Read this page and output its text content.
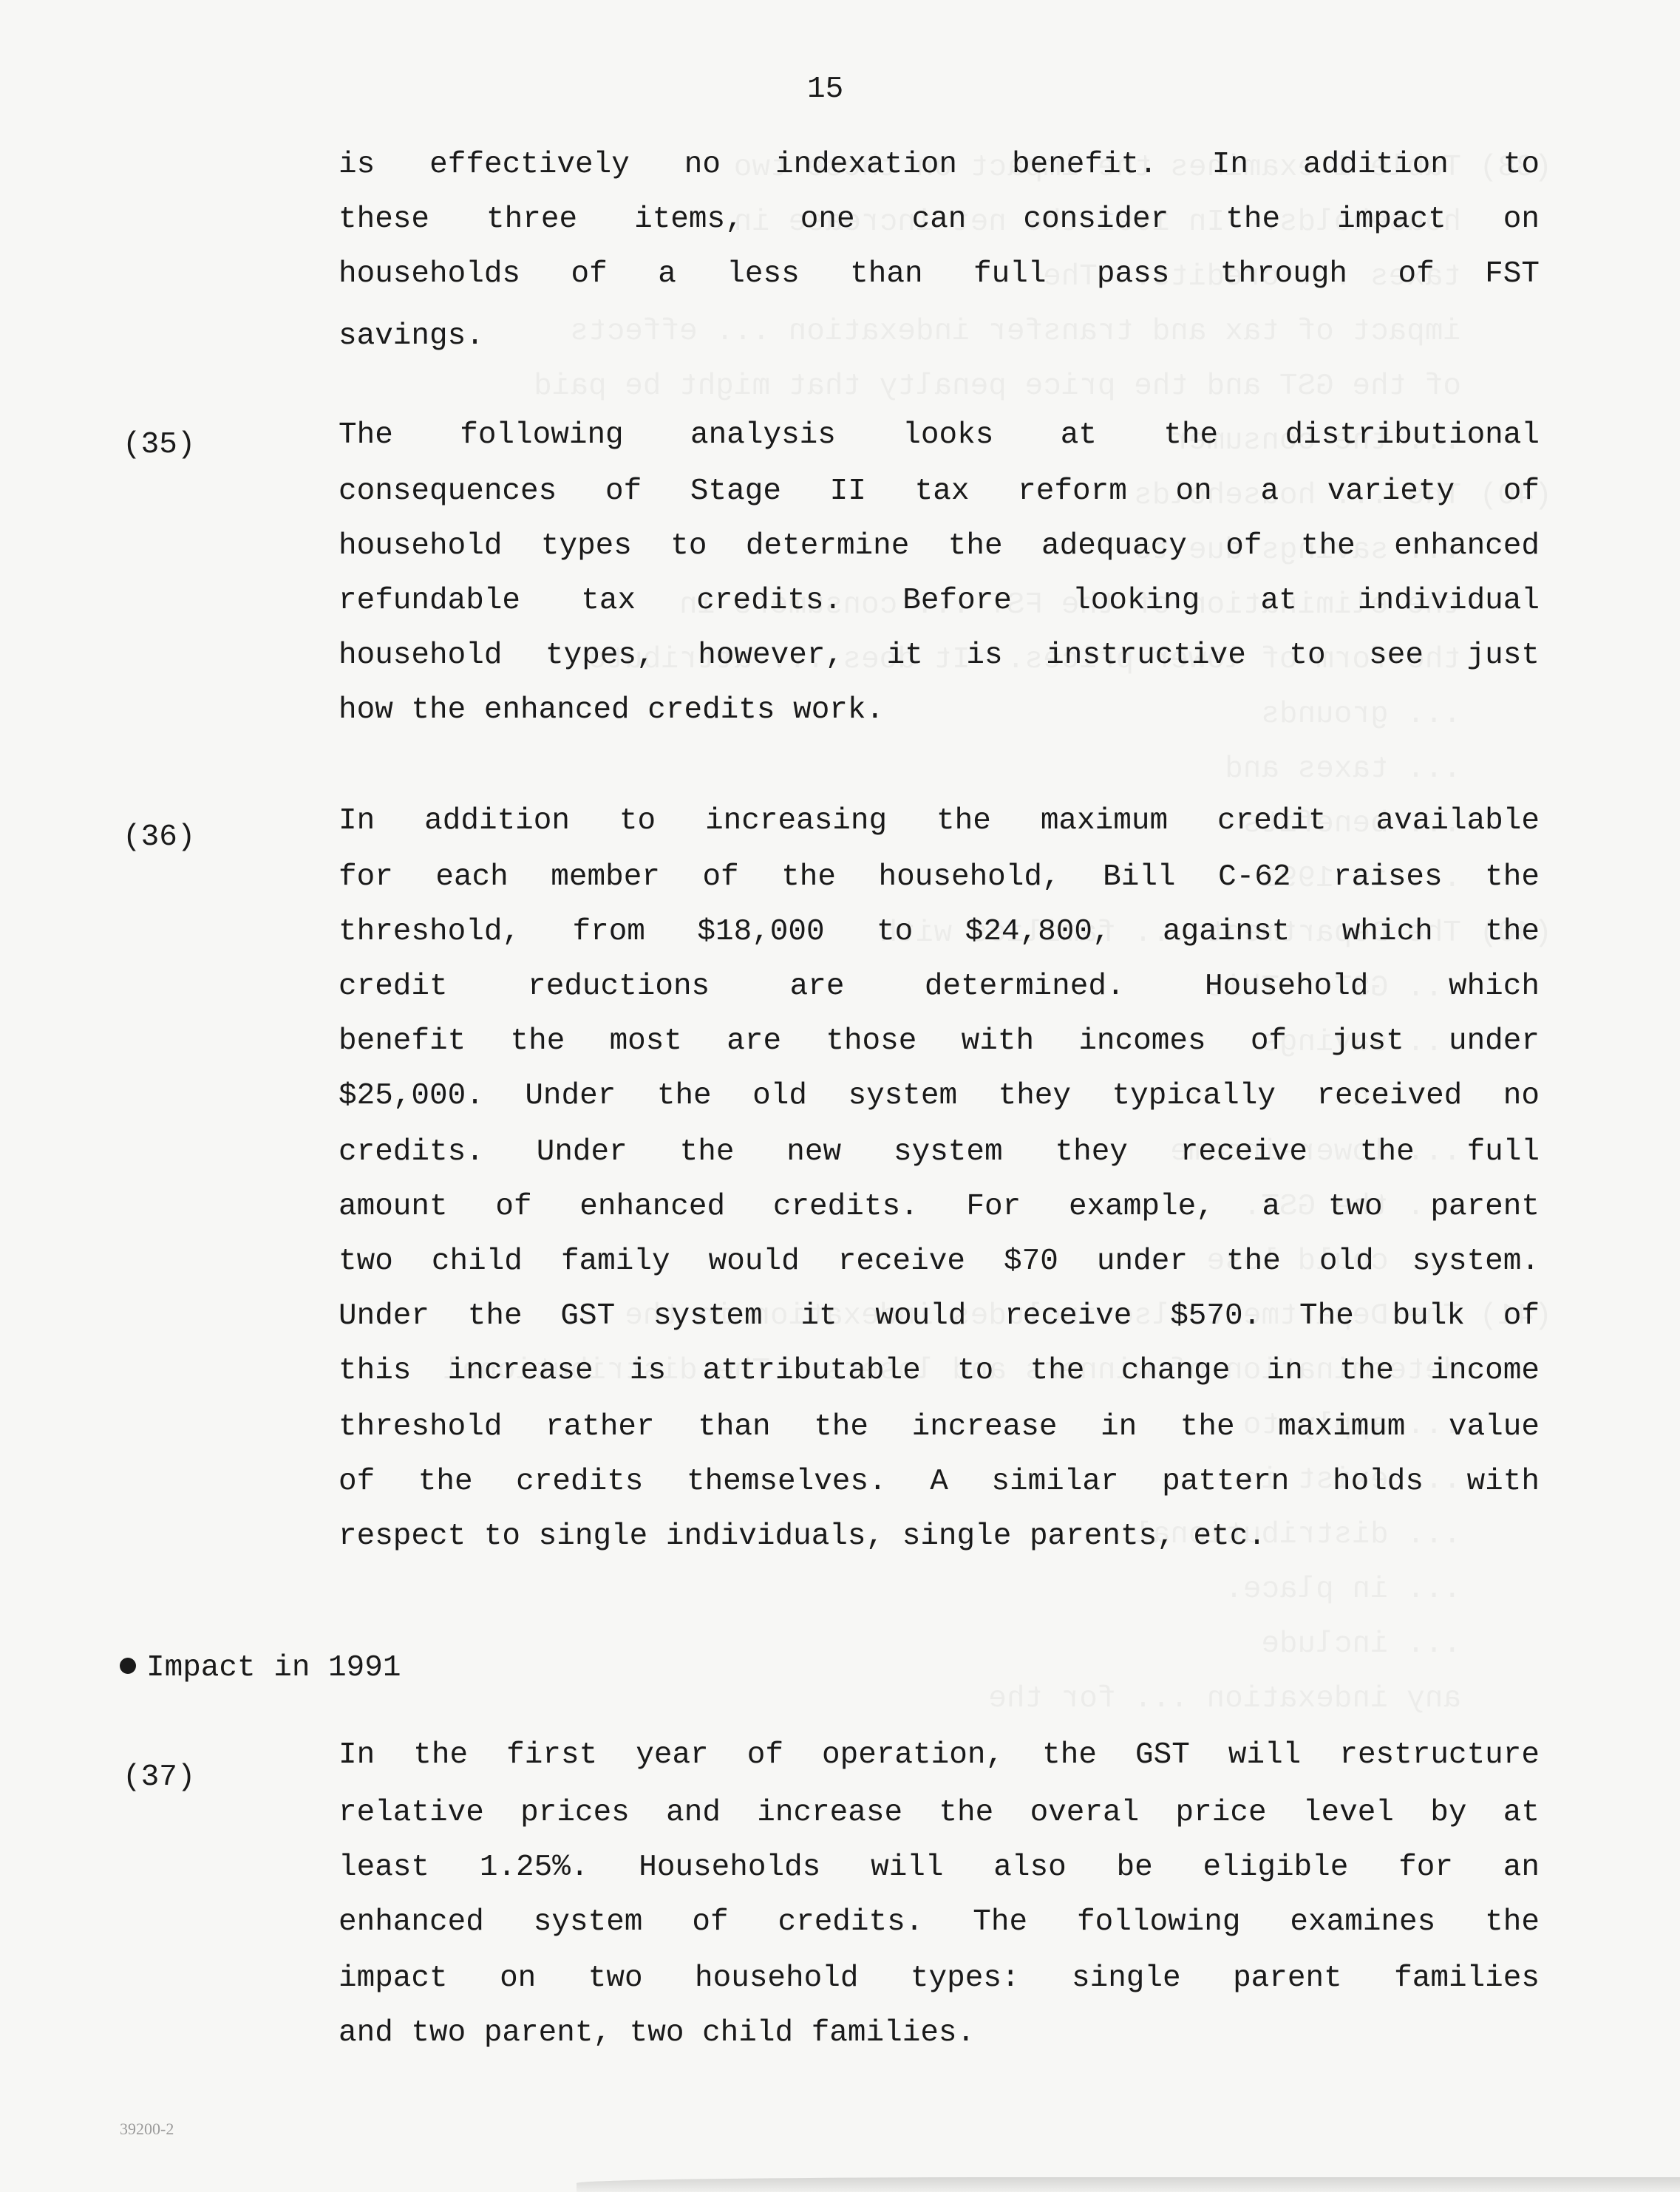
15
is effectively no indexation benefit. In addition to
these three items, one can consider the impact on
households of a less than full pass through of FST
savings.
(35)	The following analysis looks at the distributional
consequences of Stage II tax reform on a variety of
household types to determine the adequacy of the enhanced
refundable tax credits. Before looking at individual
household types, however, it is instructive to see just
how the enhanced credits work.
(36)	In addition to increasing the maximum credit available
for each member of the household, Bill C-62 raises the
threshold, from $18,000 to $24,800, against which the
credit reductions are determined. Household which
benefit the most are those with incomes of just under
$25,000. Under the old system they typically received no
credits. Under the new system they receive the full
amount of enhanced credits. For example, a two parent
two child family would receive $70 under the old system.
Under the GST system it would receive $570. The bulk of
this increase is attributable to the change in the income
threshold rather than the increase in the maximum value
of the credits themselves. A similar pattern holds with
respect to single individuals, single parents, etc.
Impact in 1991
(37)
In the first year of operation, the GST will restructure
relative prices and increase the overal price level by at
least 1.25%. Households will also be eligible for an
enhanced system of credits. The following examines the
impact on two household types: single parent families
and two parent, two child families.
39200-2
